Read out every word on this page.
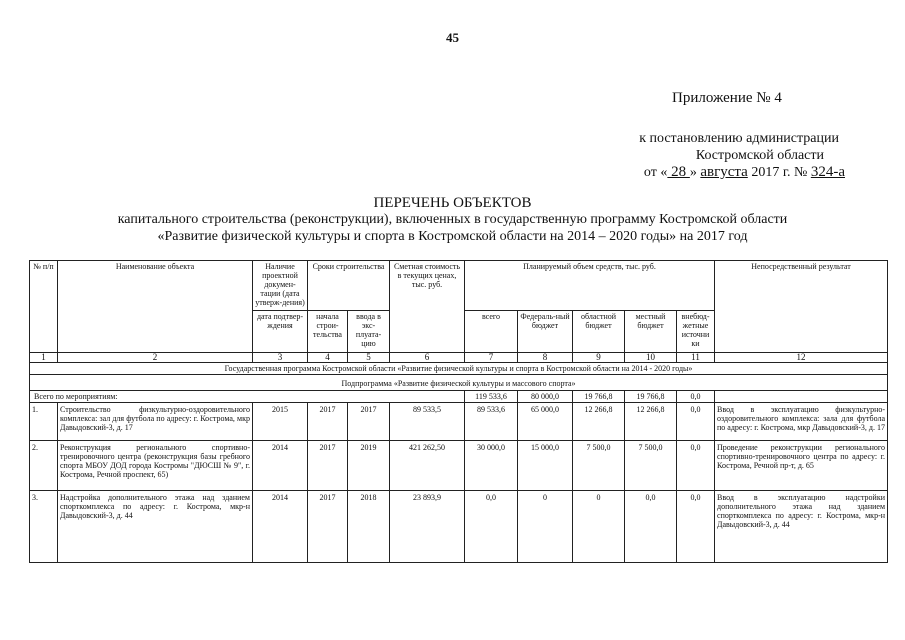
45
Приложение № 4
к постановлению администрации
Костромской области
от « 28 » августа 2017 г. № 324-а
ПЕРЕЧЕНЬ ОБЪЕКТОВ
капитального строительства (реконструкции), включенных в государственную программу Костромской области
«Развитие физической культуры и спорта в Костромской области на 2014 – 2020 годы» на 2017 год
№ п/п	Наименование объекта	Наличие проектной докумен-тации (дата утверж-дения)	Сроки строительства		Сметная стоимость в текущих ценах, тыс. руб.	Планируемый объем средств, тыс. руб.					Непосредственный результат
		дата подтвер-ждения	начала строи-тельства	ввода в экс-плуата-цию		всего	Федераль-ный бюджет	областной бюджет	местный бюджет	внебюд-жетные источни ки	
1	2	3	4	5	6	7	8	9	10	11	12
Государственная программа Костромской области «Развитие физической культуры и спорта в Костромской области на 2014 - 2020 годы»											
Подпрограмма «Развитие физической культуры и массового спорта»											
Всего по мероприятиям:						119 533,6	80 000,0	19 766,8	19 766,8	0,0	
1.	Строительство физкультурно-оздоровительного комплекса: зал для футбола по адресу: г. Кострома, мкр Давыдовский-3, д. 17	2015	2017	2017	89 533,5	89 533,6	65 000,0	12 266,8	12 266,8	0,0	Ввод в эксплуатацию физкультурно-оздоровительного комплекса: зала для футбола по адресу: г. Кострома, мкр Давыдовский-3, д. 17
2.	Реконструкция регионального спортивно-тренировочного центра (реконструкция базы гребного спорта МБОУ ДОД города Костромы "ДЮСШ № 9", г. Кострома, Речной проспект, 65)	2014	2017	2019	421 262,50	30 000,0	15 000,0	7 500,0	7 500,0	0,0	Проведение реконструкции регионального спортивно-тренировочного центра по адресу: г. Кострома, Речной пр-т, д. 65
3.	Надстройка дополнительного этажа над зданием спорткомплекса по адресу: г. Кострома, мкр-н Давыдовский-3, д. 44	2014	2017	2018	23 893,9	0,0	0	0	0,0	0,0	Ввод в эксплуатацию надстройки дополнительного этажа над зданием спорткомплекса по адресу: г. Кострома, мкр-н Давыдовский-3, д. 44
